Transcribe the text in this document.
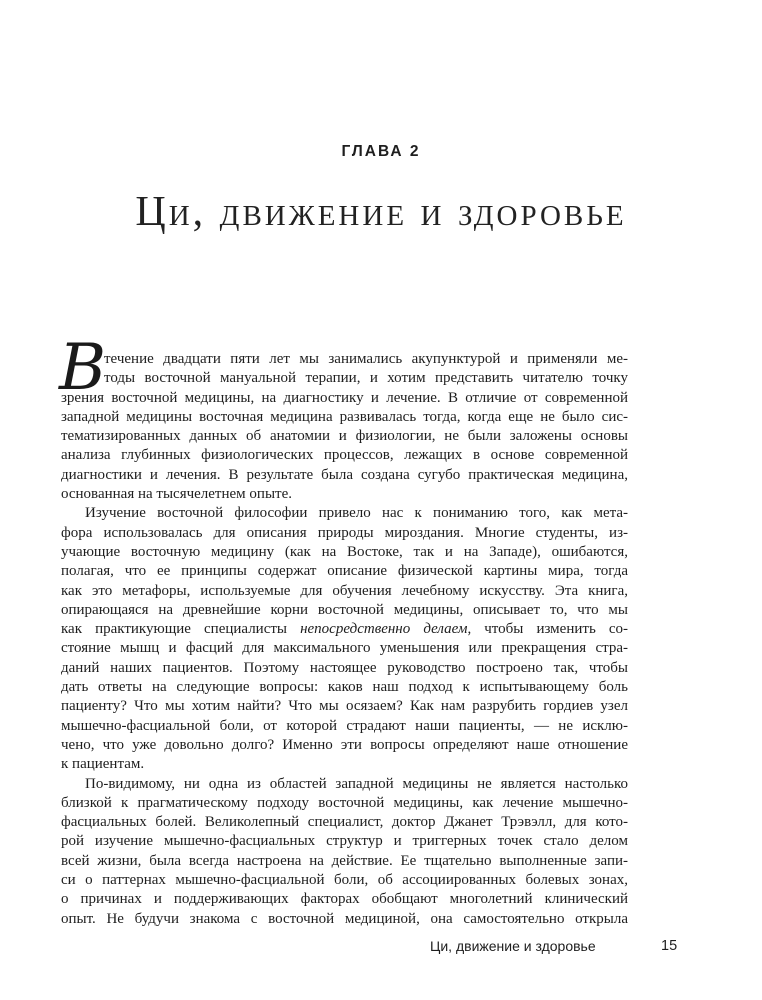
ГЛАВА 2
Ци, движение и здоровье
В
течение двадцати пяти лет мы занимались акупунктурой и применяли ме-
тоды восточной мануальной терапии, и хотим представить читателю точку
зрения восточной медицины, на диагностику и лечение. В отличие от современной
западной медицины восточная медицина развивалась тогда, когда еще не было сис-
тематизированных данных об анатомии и физиологии, не были заложены основы
анализа глубинных физиологических процессов, лежащих в основе современной
диагностики и лечения. В результате была создана сугубо практическая медицина,
основанная на тысячелетнем опыте.
Изучение восточной философии привело нас к пониманию того, как мета-
фора использовалась для описания природы мироздания. Многие студенты, из-
учающие восточную медицину (как на Востоке, так и на Западе), ошибаются,
полагая, что ее принципы содержат описание физической картины мира, тогда
как это метафоры, используемые для обучения лечебному искусству. Эта книга,
опирающаяся на древнейшие корни восточной медицины, описывает то, что мы
как практикующие специалисты непосредственно делаем, чтобы изменить со-
стояние мышц и фасций для максимального уменьшения или прекращения стра-
даний наших пациентов. Поэтому настоящее руководство построено так, чтобы
дать ответы на следующие вопросы: каков наш подход к испытывающему боль
пациенту? Что мы хотим найти? Что мы осязаем? Как нам разрубить гордиев узел
мышечно-фасциальной боли, от которой страдают наши пациенты, — не исклю-
чено, что уже довольно долго? Именно эти вопросы определяют наше отношение
к пациентам.
По-видимому, ни одна из областей западной медицины не является настолько
близкой к прагматическому подходу восточной медицины, как лечение мышечно-
фасциальных болей. Великолепный специалист, доктор Джанет Трэвэлл, для кото-
рой изучение мышечно-фасциальных структур и триггерных точек стало делом
всей жизни, была всегда настроена на действие. Ее тщательно выполненные запи-
си о паттернах мышечно-фасциальной боли, об ассоциированных болевых зонах,
о причинах и поддерживающих факторах обобщают многолетний клинический
опыт. Не будучи знакома с восточной медициной, она самостоятельно открыла
Ци, движение и здоровье	15
